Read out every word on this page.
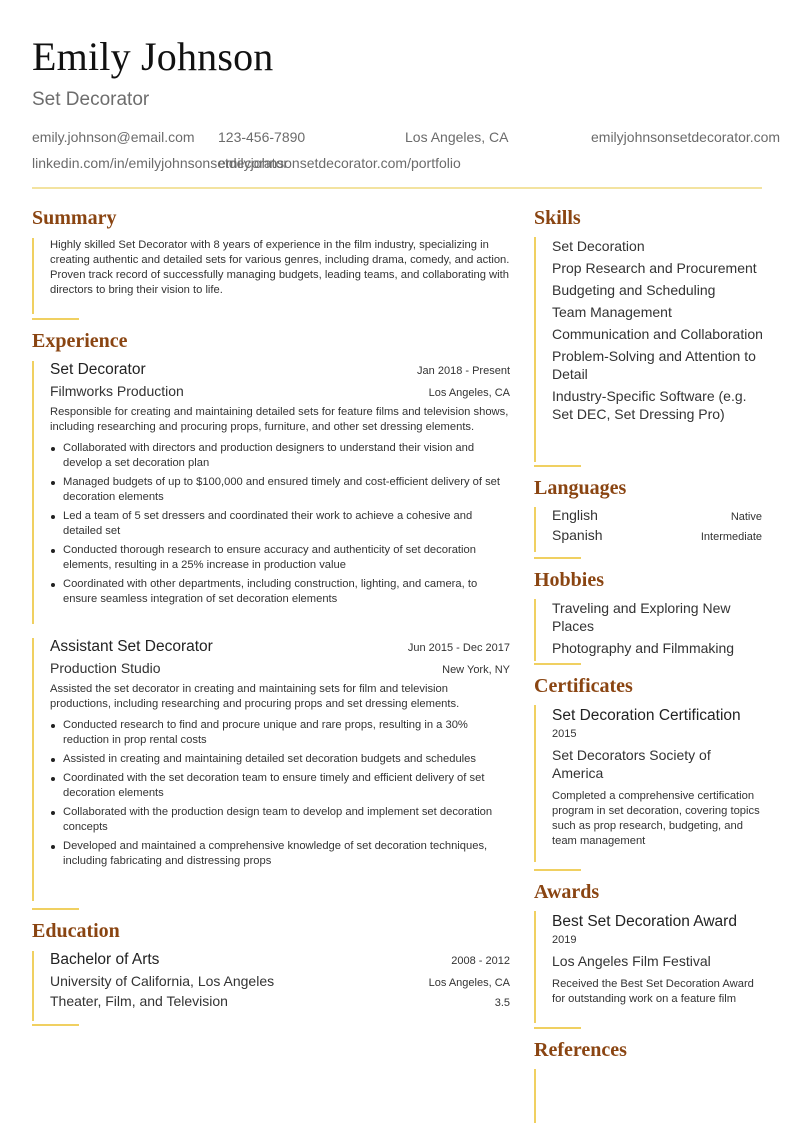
Emily Johnson
Set Decorator
emily.johnson@email.com 123-456-7890	Los Angeles, CA	emilyjohnsonsetdecorator.com
linkedin.com/in/emilyjohnsonsetdecorator
emilyjohnsonsetdecorator.com/portfolio
Summary

Highly skilled Set Decorator with 8 years of experience in the film industry, specializing in creating authentic and detailed sets for various genres, including drama, comedy, and action. Proven track record of successfully managing budgets, leading teams, and collaborating with directors to bring their vision to life.

Experience
Set Decorator	Jan 2018 - Present
Filmworks Production	Los Angeles, CA

Responsible for creating and maintaining detailed sets for feature films and television shows, including researching and procuring props, furniture, and other set dressing elements.

Collaborated with directors and production designers to understand their vision and develop a set decoration plan
Managed budgets of up to $100,000 and ensured timely and cost-efficient delivery of set decoration elements
Led a team of 5 set dressers and coordinated their work to achieve a cohesive and detailed set
Conducted thorough research to ensure accuracy and authenticity of set decoration elements, resulting in a 25% increase in production value
Coordinated with other departments, including construction, lighting, and camera, to ensure seamless integration of set decoration elements
Assistant Set Decorator	Jun 2015 - Dec 2017
Production Studio	New York, NY

Assisted the set decorator in creating and maintaining sets for film and television productions, including researching and procuring props and set dressing elements.

Conducted research to find and procure unique and rare props, resulting in a 30% reduction in prop rental costs
Assisted in creating and maintaining detailed set decoration budgets and schedules
Coordinated with the set decoration team to ensure timely and efficient delivery of set decoration elements
Collaborated with the production design team to develop and implement set decoration concepts
Developed and maintained a comprehensive knowledge of set decoration techniques, including fabricating and distressing props
Education
Bachelor of Arts	2008 - 2012
University of California, Los Angeles	Los Angeles, CA
Theater, Film, and Television	3.5
Skills
Set Decoration
Prop Research and Procurement
Budgeting and Scheduling
Team Management
Communication and Collaboration
Problem-Solving and Attention to Detail
Industry-Specific Software (e.g. Set DEC, Set Dressing Pro)
Languages
English	Native
Spanish	Intermediate
Hobbies
Traveling and Exploring New Places
Photography and Filmmaking
Certificates
Set Decoration Certification
2015
Set Decorators Society of America

Completed a comprehensive certification program in set decoration, covering topics such as prop research, budgeting, and team management

Awards
Best Set Decoration Award
2019
Los Angeles Film Festival

Received the Best Set Decoration Award for outstanding work on a feature film

References
